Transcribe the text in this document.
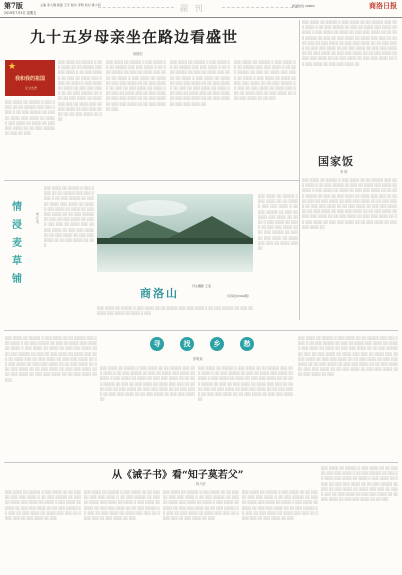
第7版
2019年7月5日 星期五
主编 李大刚 版面 王宇 版式 李明 校对 黄小莉	副 刊	新闻热线 29890	商洛日报
九十五岁母亲坐在路边看盛世
杨德信
★
我和我的祖国
征文选登
░░░ ░░░░ ░░ ░░░░░ ░ ░░░ ░░░░ ░░ ░░ ░░░░░ ░░░ ░░░ ░░░░ ░ ░░ ░░░ ░░░░░ ░░ ░░░ ░░ ░░░░ ░░░ ░░░░ ░░ ░░░░ ░ ░░░ ░░░░ ░░ ░░░░ ░░ ░░░ ░░░ ░░░░ ░░ ░░ ░░░ ░░░░░ ░░ ░░░ ░░ ░░░ ░░░░ ░░ ░░░░ ░░░ ░░░ ░░ ░░░░ ░░░ ░░ ░░░ ░░░░ ░░ ░░░ ░░░ ░░░░ ░░ ░░ ░░░ ░░░░ ░░ ░░░
░░░ ░░░░ ░░ ░░░░░ ░ ░░░ ░░░░ ░░ ░░ ░░░░░ ░░░ ░░░ ░░░░ ░ ░░ ░░░ ░░░░░ ░░ ░░░ ░░ ░░░░ ░░░ ░░░░ ░░ ░░░░ ░ ░░░ ░░░░ ░░ ░░░░ ░░ ░░░ ░░░ ░░░░ ░░ ░░ ░░░ ░░░░░ ░░ ░░░ ░░ ░░░
░░░ ░░░░ ░░ ░░░░░ ░ ░░░ ░░░░ ░░ ░░ ░░░░░ ░░░ ░░░ ░░░░ ░ ░░ ░░░ ░░░░░ ░░ ░░░ ░░ ░░░░ ░░░ ░░░░ ░░ ░░░░ ░ ░░░ ░░░░ ░░ ░░░░ ░░ ░░░ ░░░ ░░░░ ░░ ░░ ░░░ ░░░░░ ░░ ░░░ ░░ ░░░ ░░░░ ░░ ░░░░ ░░░ ░░░ ░░ ░░░░ ░░░ ░░ ░░░ ░░░░ ░░ ░░░ ░░░ ░░░░ ░░ ░░ ░░░ ░░░░ ░░ ░░░ ░░░ ░░░░ ░░ ░░ ░░░ ░░░░ ░░ ░░░
░░░ ░░░░ ░░ ░░░░░ ░ ░░░ ░░░░ ░░ ░░ ░░░░░ ░░░ ░░░ ░░░░ ░ ░░ ░░░ ░░░░░ ░░ ░░░ ░░ ░░░░ ░░░ ░░░░ ░░ ░░░░ ░ ░░░ ░░░░ ░░ ░░░░ ░░ ░░░ ░░░ ░░░░ ░░ ░░ ░░░ ░░░░░ ░░ ░░░ ░░ ░░░ ░░░░ ░░ ░░░░ ░░░ ░░░ ░░ ░░░░ ░░░ ░░ ░░░ ░░░░ ░░ ░░░ ░░░ ░░░░ ░░ ░░ ░░░ ░░░░ ░░ ░░░ ░░░ ░░░░ ░░
░░░ ░░░░ ░░ ░░░░░ ░ ░░░ ░░░░ ░░ ░░ ░░░░░ ░░░ ░░░ ░░░░ ░ ░░ ░░░ ░░░░░ ░░ ░░░ ░░ ░░░░ ░░░ ░░░░ ░░ ░░░░ ░ ░░░ ░░░░ ░░ ░░░░ ░░ ░░░ ░░░ ░░░░ ░░ ░░ ░░░ ░░░░░ ░░ ░░░ ░░ ░░░ ░░░░ ░░ ░░░░ ░░░ ░░░ ░░ ░░░░ ░░░ ░░ ░░░ ░░░░ ░░ ░░░ ░░░ ░░░░ ░░ ░░ ░░░
░░░ ░░░░ ░░ ░░░░░ ░ ░░░ ░░░░ ░░ ░░ ░░░░░ ░░░ ░░░ ░░░░ ░ ░░ ░░░ ░░░░░ ░░ ░░░ ░░ ░░░░ ░░░ ░░░░ ░░ ░░░░ ░ ░░░ ░░░░ ░░ ░░░░ ░░ ░░░ ░░░ ░░░░ ░░ ░░ ░░░ ░░░░░ ░░ ░░░ ░░ ░░░ ░░░░ ░░ ░░░░ ░░░ ░░░ ░░ ░░░░ ░░░ ░░ ░░░ ░░░░ ░░ ░░░ ░░░ ░░░░ ░░ ░░ ░░░ ░░░░ ░░ ░░░ ░░░ ░░░░ ░░ ░░ ░░░ ░░░░ ░░ ░░░ ░░░ ░░░░ ░░ ░░ ░░░ ░░░░ ░░ ░░░ ░░░ ░░░░ ░░ ░░ ░░░ ░░░░ ░░ ░░░ ░░░ ░░░░ ░░ ░░ ░░░ ░░░░ ░░ ░░░ ░░░ ░░░░ ░░ ░░ ░░░ ░░░░ ░░ ░░░ ░░░ ░░░░ ░░
情
浸
麦
草
铺
杨红英
░░░ ░░░░ ░░ ░░░░░ ░ ░░░ ░░░░ ░░ ░░ ░░░░░ ░░░ ░░░ ░░░░ ░ ░░ ░░░ ░░░░░ ░░ ░░░ ░░ ░░░░ ░░░ ░░░░ ░░ ░░░░ ░ ░░░ ░░░░ ░░ ░░░░ ░░ ░░░ ░░░ ░░░░ ░░ ░░ ░░░ ░░░░░ ░░ ░░░ ░░ ░░░ ░░░░ ░░ ░░░░ ░░░ ░░░ ░░ ░░░░ ░░░ ░░ ░░░ ░░░░ ░░ ░░░ ░░░ ░░░░ ░░ ░░ ░░░ ░░░░ ░░ ░░░ ░░░ ░░░░ ░░ ░░ ░░░ ░░░░ ░░ ░░░
商洛山	（丹凤县2442期）
刊头摄影 王莹
░░░ ░░░░ ░░ ░░░░░ ░ ░░░ ░░░░ ░░ ░░ ░░░░░ ░░░ ░░░ ░░░░ ░ ░░ ░░░ ░░░░░ ░░ ░░░ ░░ ░░░░ ░░░ ░░░░ ░░ ░░░░ ░ ░░░ ░░░░ ░░ ░░░░ ░░ ░░░ ░░░ ░░░░ ░░ ░░ ░░░ ░░░░░ ░░ ░░░ ░░ ░░░ ░░░░ ░░ ░░░░ ░░░ ░░░ ░░ ░░░░ ░░░ ░░
░░░ ░░░░ ░░ ░░░░░ ░ ░░░ ░░░░ ░░ ░░ ░░░░░ ░░░ ░░░ ░░░░ ░ ░░ ░░░ ░░░░░ ░░ ░░░ ░░ ░░░░ ░░░ ░░░░ ░░ ░░░░ ░ ░░░
国家饭
李 婷
░░░ ░░░░ ░░ ░░░░░ ░ ░░░ ░░░░ ░░ ░░ ░░░░░ ░░░ ░░░ ░░░░ ░ ░░ ░░░ ░░░░░ ░░ ░░░ ░░ ░░░░ ░░░ ░░░░ ░░ ░░░░ ░ ░░░ ░░░░ ░░ ░░░░ ░░ ░░░ ░░░ ░░░░ ░░ ░░ ░░░ ░░░░░ ░░ ░░░ ░░ ░░░ ░░░░ ░░ ░░░░ ░░░ ░░░ ░░ ░░░░ ░░░ ░░ ░░░ ░░░░ ░░ ░░░ ░░░ ░░░░ ░░ ░░ ░░░ ░░░░ ░░ ░░░ ░░░ ░░░░ ░░ ░░ ░░░ ░░░░ ░░ ░░░ ░░░ ░░░░ ░░ ░░ ░░░ ░░░░ ░░ ░░░ ░░░ ░░░░ ░░ ░░ ░░░ ░░░░ ░░ ░░░ ░░░ ░░░░ ░░ ░░ ░░░ ░░░░ ░░ ░░░ ░░░ ░░░░ ░░ ░░ ░░░ ░░░░ ░░ ░░░ ░░░ ░░░░ ░░ ░░ ░░░ ░░░░ ░░ ░░░ ░░░ ░░░░ ░░
寻	找	乡	愁
张明琼
░░░ ░░░░ ░░ ░░░░░ ░ ░░░ ░░░░ ░░ ░░ ░░░░░ ░░░ ░░░ ░░░░ ░ ░░ ░░░ ░░░░░ ░░ ░░░ ░░ ░░░░ ░░░ ░░░░ ░░ ░░░░ ░ ░░░ ░░░░ ░░ ░░░░ ░░ ░░░ ░░░ ░░░░ ░░ ░░ ░░░ ░░░░░ ░░ ░░░ ░░ ░░░ ░░░░ ░░ ░░░░ ░░░ ░░░ ░░ ░░░░ ░░░ ░░ ░░░ ░░░░ ░░ ░░░ ░░░ ░░░░ ░░ ░░ ░░░ ░░░░ ░░ ░░░ ░░░ ░░░░ ░░ ░░ ░░░ ░░░░ ░░ ░░░ ░░░ ░░░░ ░░ ░░ ░░░ ░░░░ ░░ ░░░ ░░░ ░░░░ ░░ ░░ ░░░ ░░░░ ░░ ░░░ ░░░ ░░░░ ░░ ░░ ░░░ ░░░░ ░░ ░░░
░░░ ░░░░ ░░ ░░░░░ ░ ░░░ ░░░░ ░░ ░░ ░░░░░ ░░░ ░░░ ░░░░ ░ ░░ ░░░ ░░░░░ ░░ ░░░ ░░ ░░░░ ░░░ ░░░░ ░░ ░░░░ ░ ░░░ ░░░░ ░░ ░░░░ ░░ ░░░ ░░░ ░░░░ ░░ ░░ ░░░ ░░░░░ ░░ ░░░ ░░ ░░░ ░░░░ ░░ ░░░░ ░░░ ░░░ ░░ ░░░░ ░░░ ░░ ░░░ ░░░░ ░░ ░░░ ░░░ ░░░░ ░░ ░░ ░░░ ░░░░ ░░ ░░░ ░░░ ░░░░ ░░ ░░ ░░░ ░░░░ ░░ ░░░ ░░░ ░░░░ ░░
░░░ ░░░░ ░░ ░░░░░ ░ ░░░ ░░░░ ░░ ░░ ░░░░░ ░░░ ░░░ ░░░░ ░ ░░ ░░░ ░░░░░ ░░ ░░░ ░░ ░░░░ ░░░ ░░░░ ░░ ░░░░ ░ ░░░ ░░░░ ░░ ░░░░ ░░ ░░░ ░░░ ░░░░ ░░ ░░ ░░░ ░░░░░ ░░ ░░░ ░░ ░░░ ░░░░ ░░ ░░░░ ░░░ ░░░ ░░ ░░░░ ░░░ ░░ ░░░ ░░░░ ░░ ░░░ ░░░ ░░░░ ░░ ░░ ░░░ ░░░░ ░░ ░░░ ░░░ ░░░░ ░░ ░░ ░░░ ░░░░ ░░ ░░░ ░░░ ░░░░ ░░
░░░ ░░░░ ░░ ░░░░░ ░ ░░░ ░░░░ ░░ ░░ ░░░░░ ░░░ ░░░ ░░░░ ░ ░░ ░░░ ░░░░░ ░░ ░░░ ░░ ░░░░ ░░░ ░░░░ ░░ ░░░░ ░ ░░░ ░░░░ ░░ ░░░░ ░░ ░░░ ░░░ ░░░░ ░░ ░░ ░░░ ░░░░░ ░░ ░░░ ░░ ░░░ ░░░░ ░░ ░░░░ ░░░ ░░░ ░░ ░░░░ ░░░ ░░ ░░░ ░░░░ ░░ ░░░ ░░░ ░░░░ ░░ ░░ ░░░ ░░░░ ░░ ░░░ ░░░ ░░░░ ░░ ░░ ░░░ ░░░░ ░░ ░░░ ░░░ ░░░░ ░░ ░░ ░░░ ░░░░ ░░ ░░░ ░░░ ░░░░ ░░ ░░ ░░░ ░░░░ ░░ ░░░ ░░░ ░░░░ ░░ ░░ ░░░ ░░░░ ░░ ░░░
从《诫子书》看“知子莫若父”
杨九轩
░░░ ░░░░ ░░ ░░░░░ ░ ░░░ ░░░░ ░░ ░░ ░░░░░ ░░░ ░░░ ░░░░ ░ ░░ ░░░ ░░░░░ ░░ ░░░ ░░ ░░░░ ░░░ ░░░░ ░░ ░░░░ ░ ░░░ ░░░░ ░░ ░░░░ ░░ ░░░ ░░░ ░░░░ ░░ ░░ ░░░ ░░░░░ ░░ ░░░ ░░ ░░░ ░░░░ ░░ ░░░░ ░░░ ░░░ ░░ ░░░░ ░░░ ░░ ░░░ ░░░░ ░░ ░░░
░░░ ░░░░ ░░ ░░░░░ ░ ░░░ ░░░░ ░░ ░░ ░░░░░ ░░░ ░░░ ░░░░ ░ ░░ ░░░ ░░░░░ ░░ ░░░ ░░ ░░░░ ░░░ ░░░░ ░░ ░░░░ ░ ░░░ ░░░░ ░░ ░░░░ ░░ ░░░ ░░░ ░░░░ ░░ ░░ ░░░ ░░░░░ ░░ ░░░ ░░ ░░░ ░░░░ ░░ ░░░░ ░░░ ░░░ ░░ ░░░░ ░░░ ░░ ░░░ ░░░░ ░░ ░░░
░░░ ░░░░ ░░ ░░░░░ ░ ░░░ ░░░░ ░░ ░░ ░░░░░ ░░░ ░░░ ░░░░ ░ ░░ ░░░ ░░░░░ ░░ ░░░ ░░ ░░░░ ░░░ ░░░░ ░░ ░░░░ ░ ░░░ ░░░░ ░░ ░░░░ ░░ ░░░ ░░░ ░░░░ ░░ ░░ ░░░ ░░░░░ ░░ ░░░ ░░ ░░░ ░░░░ ░░ ░░░░ ░░░ ░░░ ░░ ░░░░ ░░░ ░░ ░░░ ░░░░ ░░ ░░░
░░░ ░░░░ ░░ ░░░░░ ░ ░░░ ░░░░ ░░ ░░ ░░░░░ ░░░ ░░░ ░░░░ ░ ░░ ░░░ ░░░░░ ░░ ░░░ ░░ ░░░░ ░░░ ░░░░ ░░ ░░░░ ░ ░░░ ░░░░ ░░ ░░░░ ░░ ░░░ ░░░ ░░░░ ░░ ░░ ░░░ ░░░░░ ░░ ░░░ ░░ ░░░ ░░░░ ░░ ░░░░ ░░░ ░░░ ░░ ░░░░ ░░░ ░░ ░░░ ░░░░ ░░ ░░░
░░░ ░░░░ ░░ ░░░░░ ░ ░░░ ░░░░ ░░ ░░ ░░░░░ ░░░ ░░░ ░░░░ ░ ░░ ░░░ ░░░░░ ░░ ░░░ ░░ ░░░░ ░░░ ░░░░ ░░ ░░░░ ░ ░░░ ░░░░ ░░ ░░░░ ░░ ░░░ ░░░ ░░░░ ░░ ░░ ░░░ ░░░░░ ░░ ░░░ ░░ ░░░ ░░░░ ░░ ░░░░ ░░░ ░░░ ░░ ░░░░ ░░░ ░░ ░░░ ░░░░ ░░ ░░░ ░░░ ░░░░ ░░ ░░ ░░░ ░░░░ ░░ ░░░ ░░░ ░░░░ ░░ ░░ ░░░
